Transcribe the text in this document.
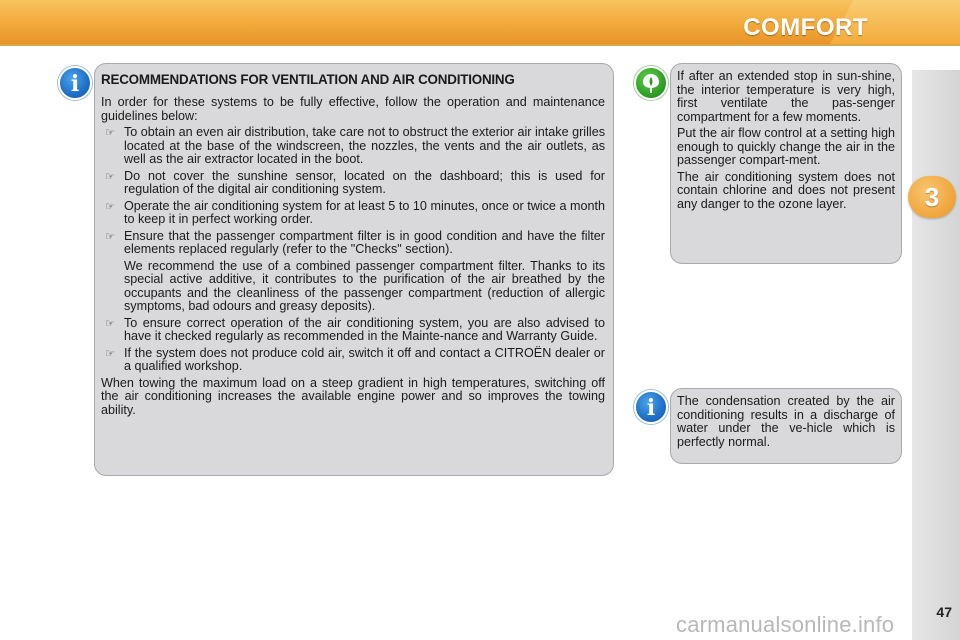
COMFORT
3
i	RECOMMENDATIONS FOR VENTILATION AND AIR CONDITIONING

In order for these systems to be fully effective, follow the operation and maintenance guidelines below:

☞ To obtain an even air distribution, take care not to obstruct the exterior air intake grilles located at the base of the windscreen, the nozzles, the vents and the air outlets, as well as the air extractor located in the boot.
☞ Do not cover the sunshine sensor, located on the dashboard; this is used for regulation of the digital air conditioning system.
☞ Operate the air conditioning system for at least 5 to 10 minutes, once or twice a month to keep it in perfect working order.
☞ Ensure that the passenger compartment filter is in good condition and have the filter elements replaced regularly (refer to the "Checks" section).

We recommend the use of a combined passenger compartment filter. Thanks to its special active additive, it contributes to the purification of the air breathed by the occupants and the cleanliness of the passenger compartment (reduction of allergic symptoms, bad odours and greasy deposits).

☞ To ensure correct operation of the air conditioning system, you are also advised to have it checked regularly as recommended in the Mainte-nance and Warranty Guide.
☞ If the system does not produce cold air, switch it off and contact a CITROËN dealer or a qualified workshop.

When towing the maximum load on a steep gradient in high temperatures, switching off the air conditioning increases the available engine power and so improves the towing ability.

If after an extended stop in sun-shine, the interior temperature is very high, first ventilate the pas-senger compartment for a few moments.

Put the air flow control at a setting high enough to quickly change the air in the passenger compart-ment.

The air conditioning system does not contain chlorine and does not present any danger to the ozone layer.

i	The condensation created by the air conditioning results in a discharge of water under the ve-hicle which is perfectly normal.

47
carmanualsonline.info
